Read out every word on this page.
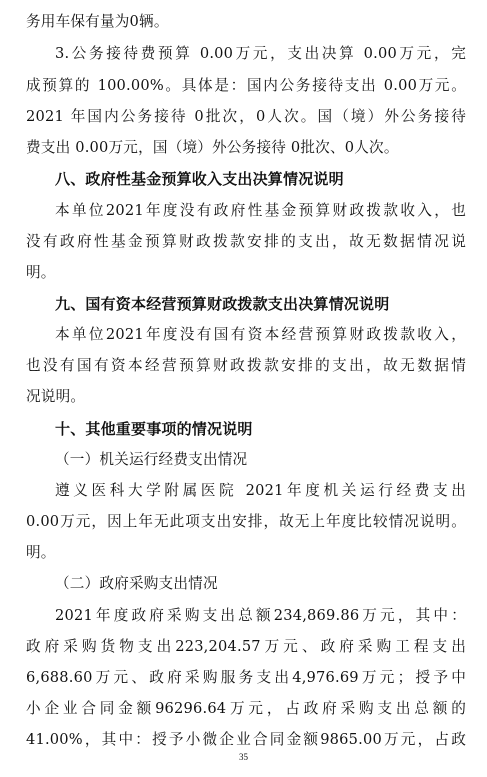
务用车保有量为0辆。
3.公务接待费预算 0.00万元，支出决算 0.00万元，完
成预算的 100.00%。具体是：国内公务接待支出 0.00万元。
2021 年国内公务接待 0批次，0人次。国（境）外公务接待
费支出 0.00万元，国（境）外公务接待 0批次、0人次。
八、政府性基金预算收入支出决算情况说明
本单位2021年度没有政府性基金预算财政拨款收入，也
没有政府性基金预算财政拨款安排的支出，故无数据情况说
明。
九、国有资本经营预算财政拨款支出决算情况说明
本单位2021年度没有国有资本经营预算财政拨款收入，
也没有国有资本经营预算财政拨款安排的支出，故无数据情
况说明。
十、其他重要事项的情况说明
（一）机关运行经费支出情况
遵义医科大学附属医院 2021年度机关运行经费支出
0.00万元，因上年无此项支出安排，故无上年度比较情况说明。
明。
（二）政府采购支出情况
2021年度政府采购支出总额234,869.86万元，其中：
政府采购货物支出223,204.57万元、政府采购工程支出
6,688.60万元、政府采购服务支出4,976.69万元；授予中
小企业合同金额96296.64万元，占政府采购支出总额的
41.00%，其中：授予小微企业合同金额9865.00万元，占政
35
